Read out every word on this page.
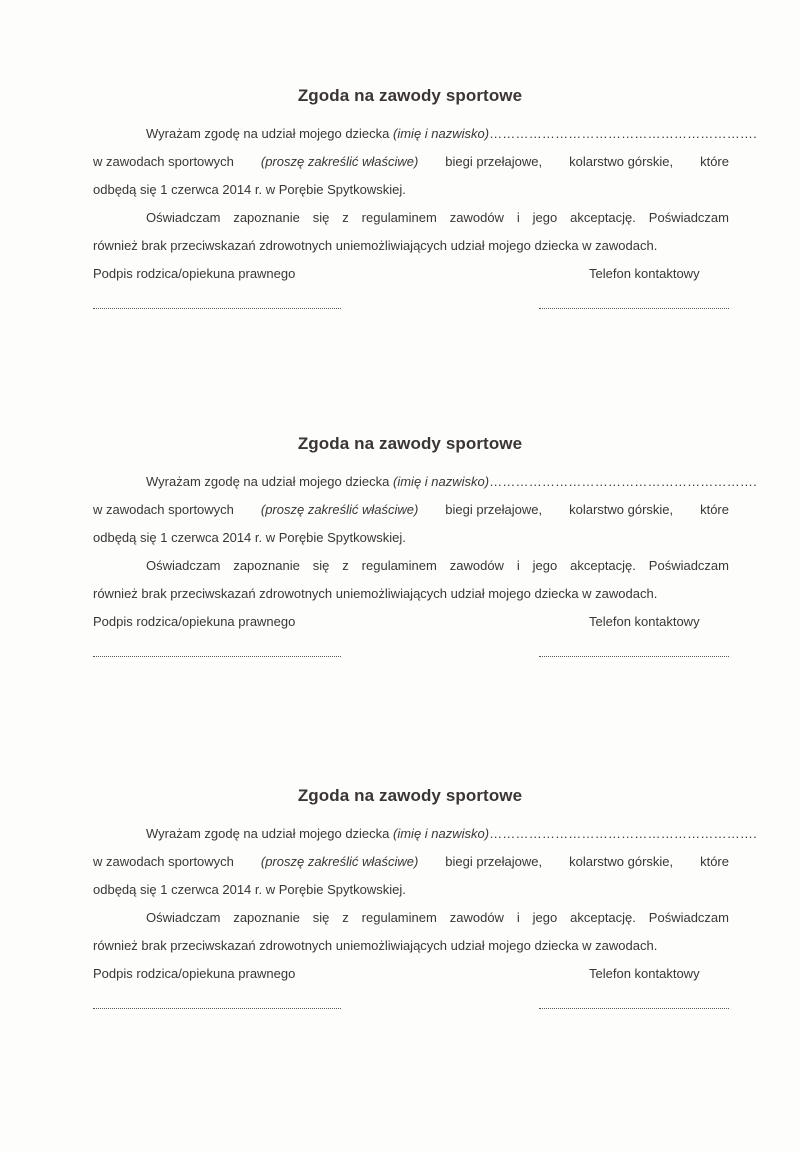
Zgoda na zawody sportowe
Wyrażam zgodę na udział mojego dziecka (imię i nazwisko)…………………………………………………….
w zawodach sportowych (proszę zakreślić właściwe) biegi przełajowe, kolarstwo górskie, które
odbędą się 1 czerwca 2014 r. w Porębie Spytkowskiej.
Oświadczam zapoznanie się z regulaminem zawodów i jego akceptację. Poświadczam
również brak przeciwskazań zdrowotnych uniemożliwiających udział mojego dziecka w zawodach.
Podpis rodzica/opiekuna prawnego	Telefon kontaktowy
Zgoda na zawody sportowe
Wyrażam zgodę na udział mojego dziecka (imię i nazwisko)…………………………………………………….
w zawodach sportowych (proszę zakreślić właściwe) biegi przełajowe, kolarstwo górskie, które
odbędą się 1 czerwca 2014 r. w Porębie Spytkowskiej.
Oświadczam zapoznanie się z regulaminem zawodów i jego akceptację. Poświadczam
również brak przeciwskazań zdrowotnych uniemożliwiających udział mojego dziecka w zawodach.
Podpis rodzica/opiekuna prawnego	Telefon kontaktowy
Zgoda na zawody sportowe
Wyrażam zgodę na udział mojego dziecka (imię i nazwisko)…………………………………………………….
w zawodach sportowych (proszę zakreślić właściwe) biegi przełajowe, kolarstwo górskie, które
odbędą się 1 czerwca 2014 r. w Porębie Spytkowskiej.
Oświadczam zapoznanie się z regulaminem zawodów i jego akceptację. Poświadczam
również brak przeciwskazań zdrowotnych uniemożliwiających udział mojego dziecka w zawodach.
Podpis rodzica/opiekuna prawnego	Telefon kontaktowy
